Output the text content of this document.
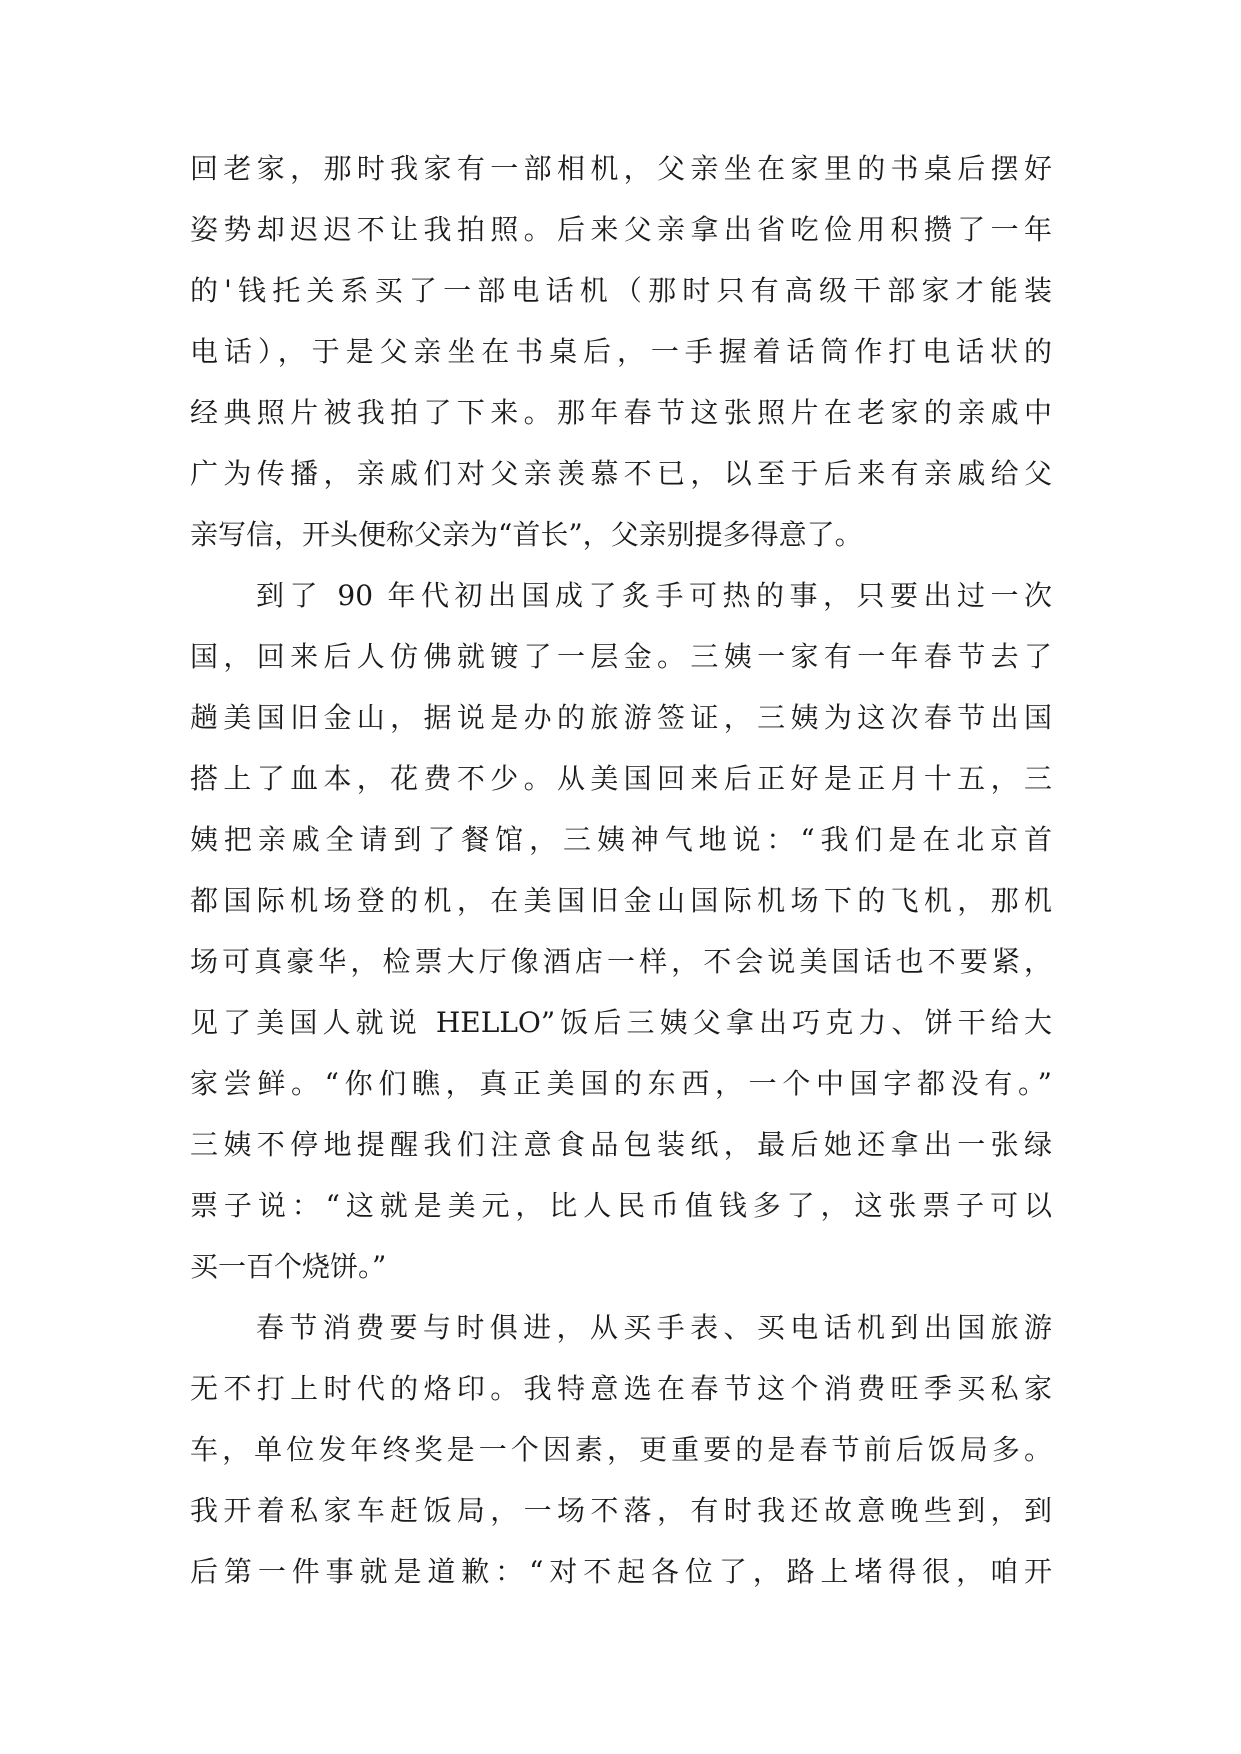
回老家，那时我家有一部相机，父亲坐在家里的书桌后摆好
姿势却迟迟不让我拍照。后来父亲拿出省吃俭用积攒了一年
的'钱托关系买了一部电话机（那时只有高级干部家才能装
电话），于是父亲坐在书桌后，一手握着话筒作打电话状的
经典照片被我拍了下来。那年春节这张照片在老家的亲戚中
广为传播，亲戚们对父亲羡慕不已，以至于后来有亲戚给父
亲写信，开头便称父亲为“首长”，父亲别提多得意了。
到了 90 年代初出国成了炙手可热的事，只要出过一次
国，回来后人仿佛就镀了一层金。三姨一家有一年春节去了
趟美国旧金山，据说是办的旅游签证，三姨为这次春节出国
搭上了血本，花费不少。从美国回来后正好是正月十五，三
姨把亲戚全请到了餐馆，三姨神气地说：“我们是在北京首
都国际机场登的机，在美国旧金山国际机场下的飞机，那机
场可真豪华，检票大厅像酒店一样，不会说美国话也不要紧，
见了美国人就说 HELLO”饭后三姨父拿出巧克力、饼干给大
家尝鲜。“你们瞧，真正美国的东西，一个中国字都没有。”
三姨不停地提醒我们注意食品包装纸，最后她还拿出一张绿
票子说：“这就是美元，比人民币值钱多了，这张票子可以
买一百个烧饼。”
春节消费要与时俱进，从买手表、买电话机到出国旅游
无不打上时代的烙印。我特意选在春节这个消费旺季买私家
车，单位发年终奖是一个因素，更重要的是春节前后饭局多。
我开着私家车赶饭局，一场不落，有时我还故意晚些到，到
后第一件事就是道歉：“对不起各位了，路上堵得很，咱开
